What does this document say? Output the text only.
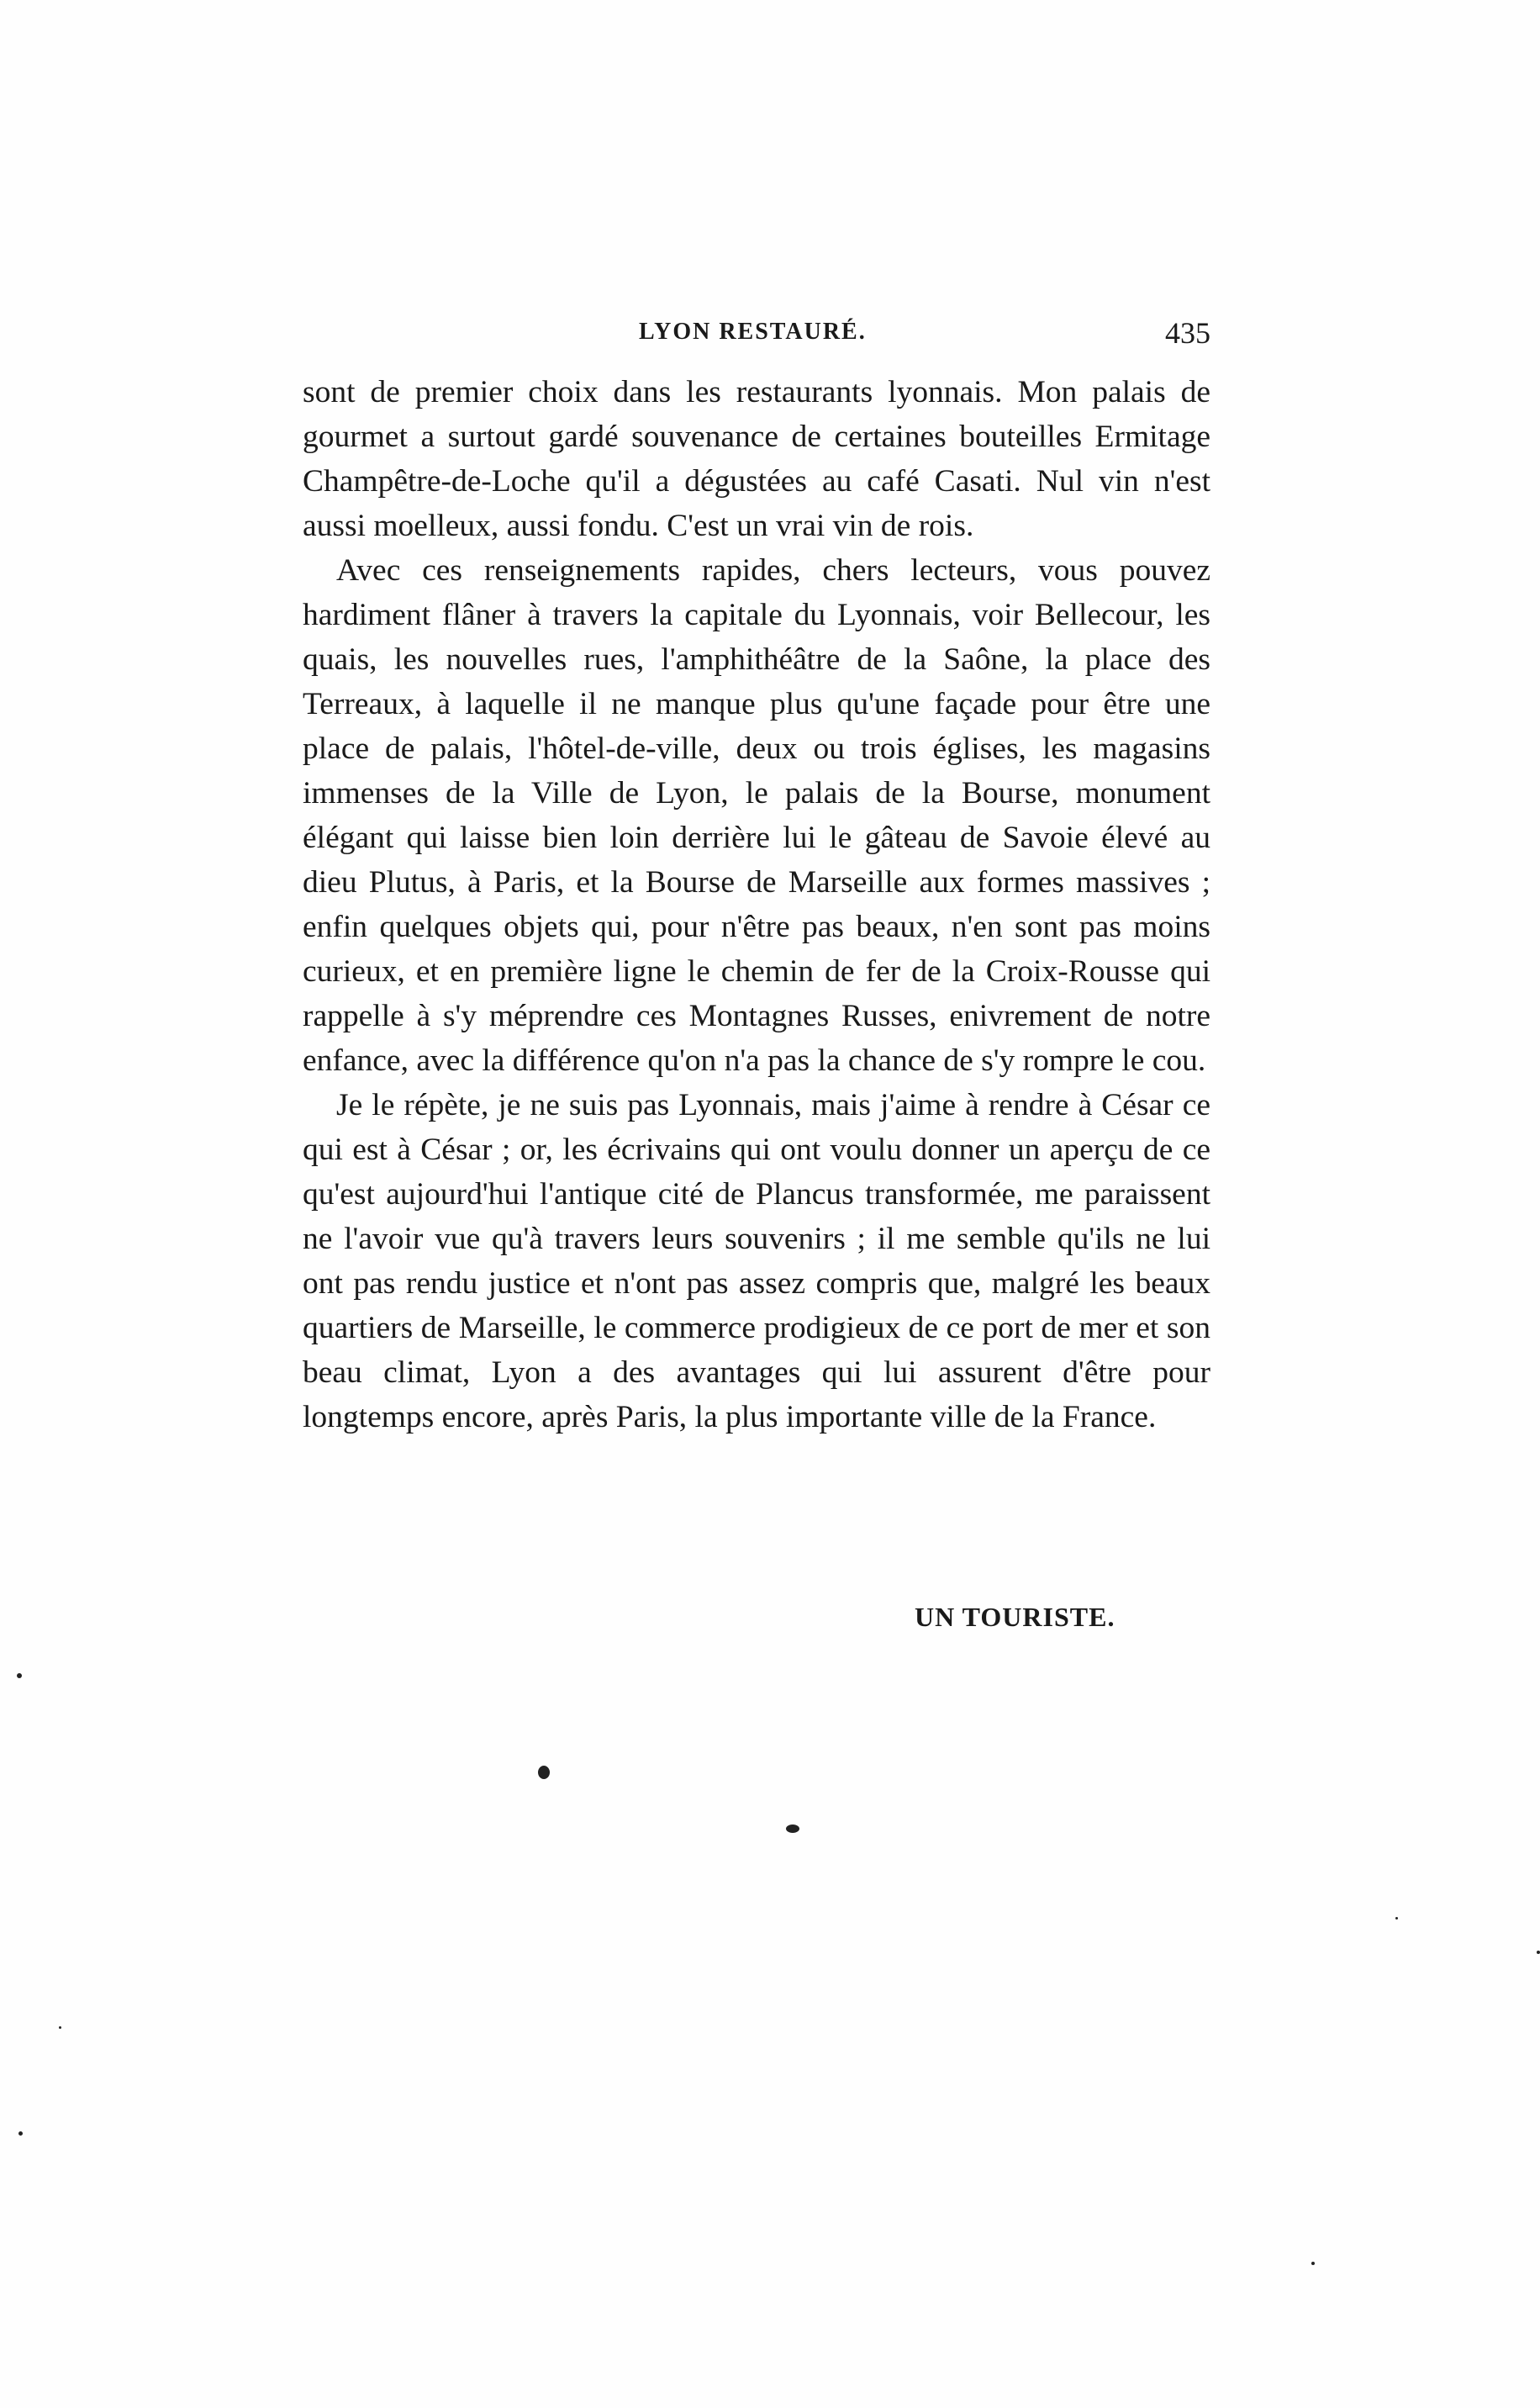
LYON RESTAURÉ.	435

sont de premier choix dans les restaurants lyonnais. Mon palais de gourmet a surtout gardé souvenance de certaines bouteilles Ermitage Champêtre-de-Loche qu'il a dégustées au café Casati. Nul vin n'est aussi moelleux, aussi fondu. C'est un vrai vin de rois.

Avec ces renseignements rapides, chers lecteurs, vous pouvez hardiment flâner à travers la capitale du Lyonnais, voir Bellecour, les quais, les nouvelles rues, l'amphithéâtre de la Saône, la place des Terreaux, à laquelle il ne manque plus qu'une façade pour être une place de palais, l'hôtel-de-ville, deux ou trois églises, les magasins immenses de la Ville de Lyon, le palais de la Bourse, monument élégant qui laisse bien loin derrière lui le gâteau de Savoie élevé au dieu Plutus, à Paris, et la Bourse de Marseille aux formes massives ; enfin quelques objets qui, pour n'être pas beaux, n'en sont pas moins curieux, et en première ligne le chemin de fer de la Croix-Rousse qui rappelle à s'y méprendre ces Montagnes Russes, enivrement de notre enfance, avec la différence qu'on n'a pas la chance de s'y rompre le cou.

Je le répète, je ne suis pas Lyonnais, mais j'aime à rendre à César ce qui est à César ; or, les écrivains qui ont voulu donner un aperçu de ce qu'est aujourd'hui l'antique cité de Plancus transformée, me paraissent ne l'avoir vue qu'à travers leurs souvenirs ; il me semble qu'ils ne lui ont pas rendu justice et n'ont pas assez compris que, malgré les beaux quartiers de Marseille, le commerce prodigieux de ce port de mer et son beau climat, Lyon a des avantages qui lui assurent d'être pour longtemps encore, après Paris, la plus importante ville de la France.

UN TOURISTE.
